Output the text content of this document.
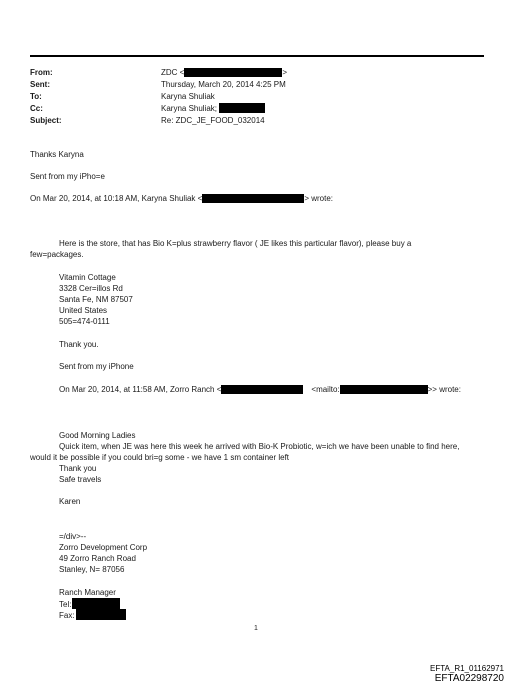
From:	ZDC <	>
Sent:	Thursday, March 20, 2014 4:25 PM
To:	Karyna Shuliak
Cc:	Karyna Shuliak;
Subject:	Re: ZDC_JE_FOOD_032014
Thanks Karyna
Sent from my iPho=e
On Mar 20, 2014, at 10:18 AM, Karyna Shuliak <	> wrote:
Here is the store, that has Bio K=plus strawberry flavor ( JE likes this particular flavor), please buy a
few=packages.
Vitamin Cottage
3328 Cer=illos Rd
Santa Fe, NM 87507
United States
505=474-0111
Thank you.
Sent from my iPhone
On Mar 20, 2014, at 11:58 AM, Zorro Ranch <	<mailto:	>> wrote:
Good Morning Ladies
Quick item, when JE was here this week he arrived with Bio-K Probiotic, w=ich we have been unable to find here,
would it be possible if you could bri=g some - we have 1 sm container left
Thank you
Safe travels
Karen
=/div>--
Zorro Development Corp
49 Zorro Ranch Road
Stanley, N= 87056
Ranch Manager
Tel:
Fax:
1
EFTA_R1_01162971
EFTA02298720
